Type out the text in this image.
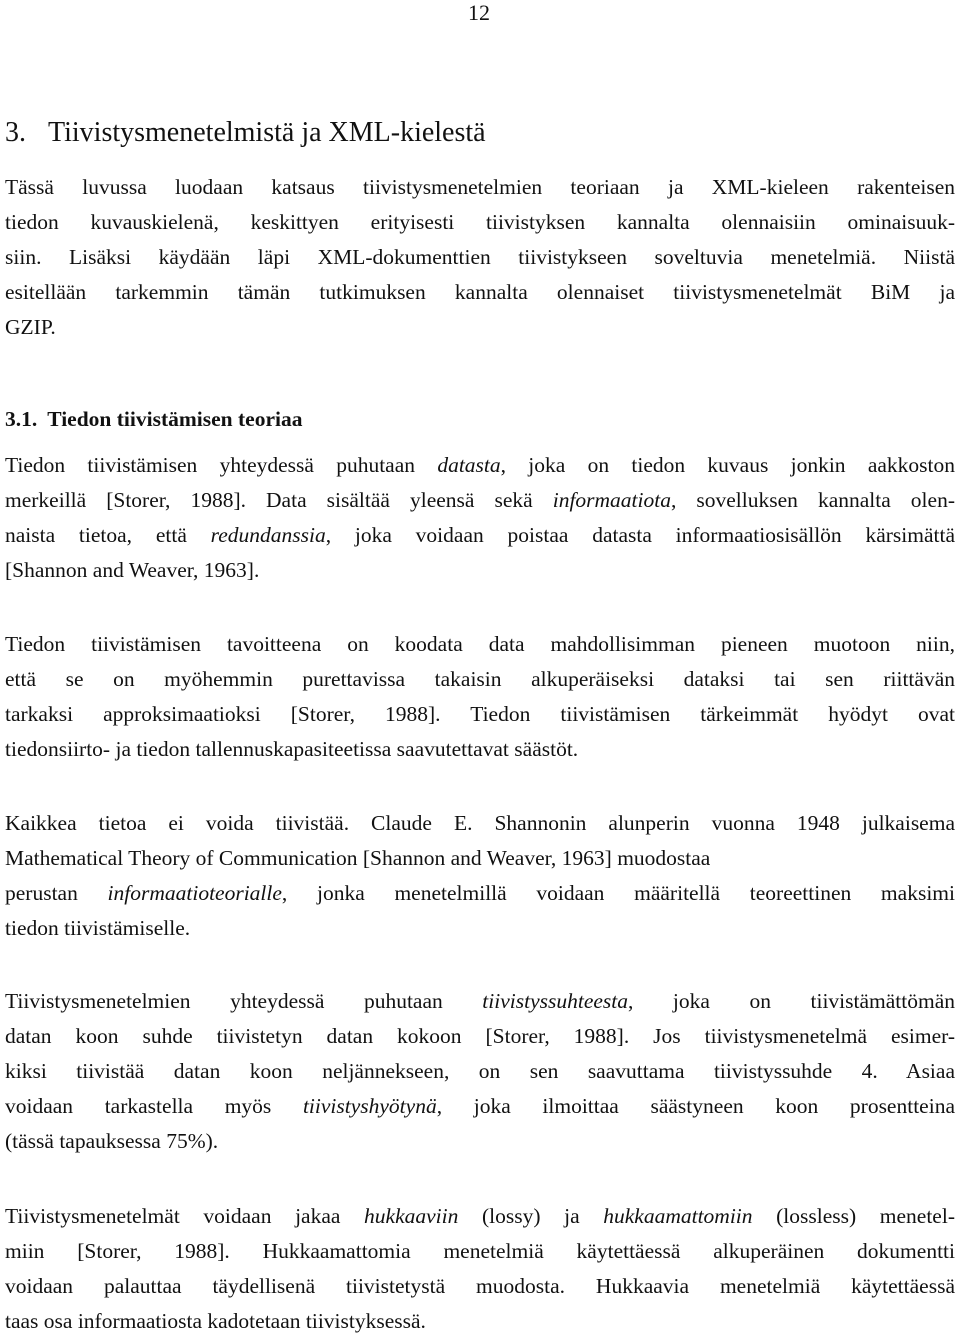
12
3. Tiivistysmenetelmistä ja XML-kielestä

Tässä luvussa luodaan katsaus tiivistysmenetelmien teoriaan ja XML-kieleen rakenteisen
tiedon kuvauskielenä, keskittyen erityisesti tiivistyksen kannalta olennaisiin ominaisuuk-
siin. Lisäksi käydään läpi XML-dokumenttien tiivistykseen soveltuvia menetelmiä. Niistä
esitellään tarkemmin tämän tutkimuksen kannalta olennaiset tiivistysmenetelmät BiM ja
GZIP.

3.1. Tiedon tiivistämisen teoriaa

Tiedon tiivistämisen yhteydessä puhutaan datasta, joka on tiedon kuvaus jonkin aakkoston
merkeillä [Storer, 1988]. Data sisältää yleensä sekä informaatiota, sovelluksen kannalta olen-
naista tietoa, että redundanssia, joka voidaan poistaa datasta informaatiosisällön kärsimättä
[Shannon and Weaver, 1963].

Tiedon tiivistämisen tavoitteena on koodata data mahdollisimman pieneen muotoon niin,
että se on myöhemmin purettavissa takaisin alkuperäiseksi dataksi tai sen riittävän
tarkaksi approksimaatioksi [Storer, 1988]. Tiedon tiivistämisen tärkeimmät hyödyt ovat
tiedonsiirto- ja tiedon tallennuskapasiteetissa saavutettavat säästöt.

Kaikkea tietoa ei voida tiivistää. Claude E. Shannonin alunperin vuonna 1948 julkaisema
Mathematical Theory of Communication [Shannon and Weaver, 1963] muodostaa
perustan informaatioteorialle, jonka menetelmillä voidaan määritellä teoreettinen maksimi
tiedon tiivistämiselle.

Tiivistysmenetelmien yhteydessä puhutaan tiivistyssuhteesta, joka on tiivistämättömän
datan koon suhde tiivistetyn datan kokoon [Storer, 1988]. Jos tiivistysmenetelmä esimer-
kiksi tiivistää datan koon neljännekseen, on sen saavuttama tiivistyssuhde 4. Asiaa
voidaan tarkastella myös tiivistyshyötynä, joka ilmoittaa säästyneen koon prosentteina
(tässä tapauksessa 75%).

Tiivistysmenetelmät voidaan jakaa hukkaaviin (lossy) ja hukkaamattomiin (lossless) menetel-
miin [Storer, 1988]. Hukkaamattomia menetelmiä käytettäessä alkuperäinen dokumentti
voidaan palauttaa täydellisenä tiivistetystä muodosta. Hukkaavia menetelmiä käytettäessä
taas osa informaatiosta kadotetaan tiivistyksessä.
